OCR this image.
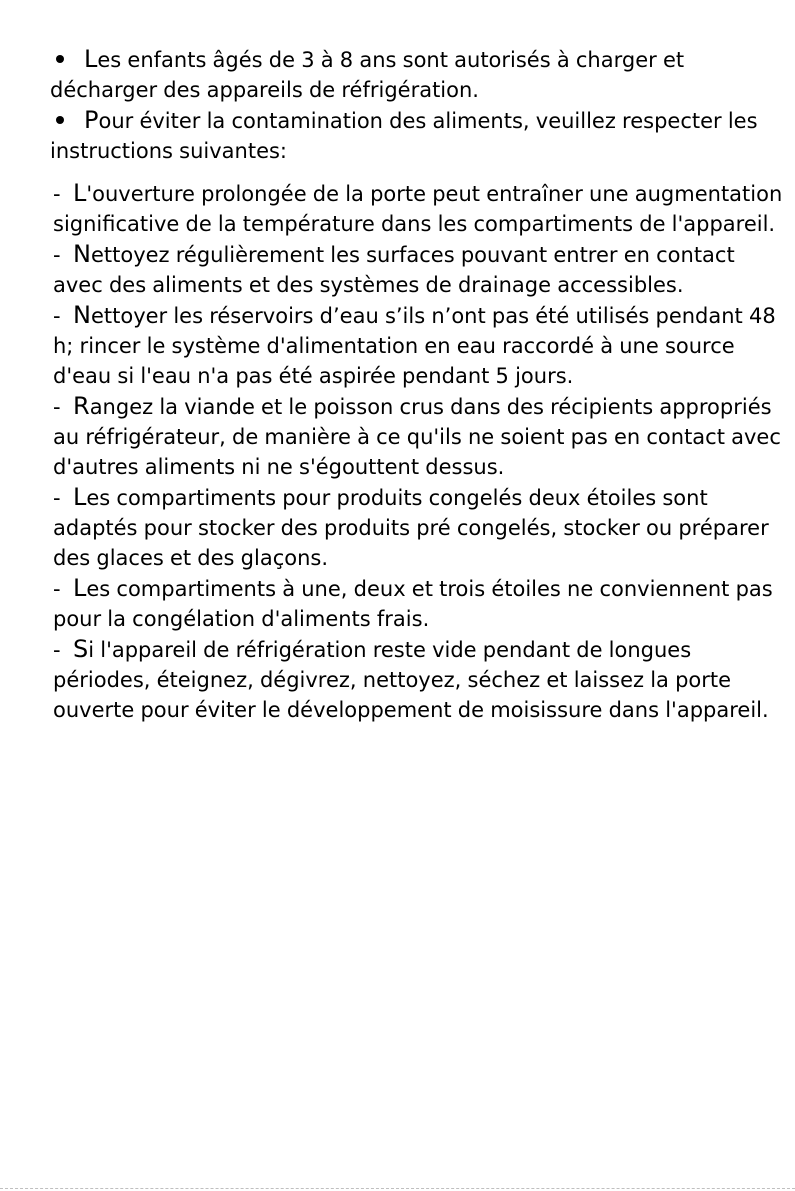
Les enfants âgés de 3 à 8 ans sont autorisés à charger et décharger des appareils de réfrigération.

Pour éviter la contamination des aliments, veuillez respecter les instructions suivantes:

- L'ouverture prolongée de la porte peut entraîner une augmentation significative de la température dans les compartiments de l'appareil.

- Nettoyez régulièrement les surfaces pouvant entrer en contact avec des aliments et des systèmes de drainage accessibles.

- Nettoyer les réservoirs d’eau s’ils n’ont pas été utilisés pendant 48 h; rincer le système d'alimentation en eau raccordé à une source d'eau si l'eau n'a pas été aspirée pendant 5 jours.

- Rangez la viande et le poisson crus dans des récipients appropriés au réfrigérateur, de manière à ce qu'ils ne soient pas en contact avec d'autres aliments ni ne s'égouttent dessus.

- Les compartiments pour produits congelés deux étoiles sont adaptés pour stocker des produits pré congelés, stocker ou préparer des glaces et des glaçons.

- Les compartiments à une, deux et trois étoiles ne conviennent pas pour la congélation d'aliments frais.

- Si l'appareil de réfrigération reste vide pendant de longues périodes, éteignez, dégivrez, nettoyez, séchez et laissez la porte ouverte pour éviter le développement de moisissure dans l'appareil.
